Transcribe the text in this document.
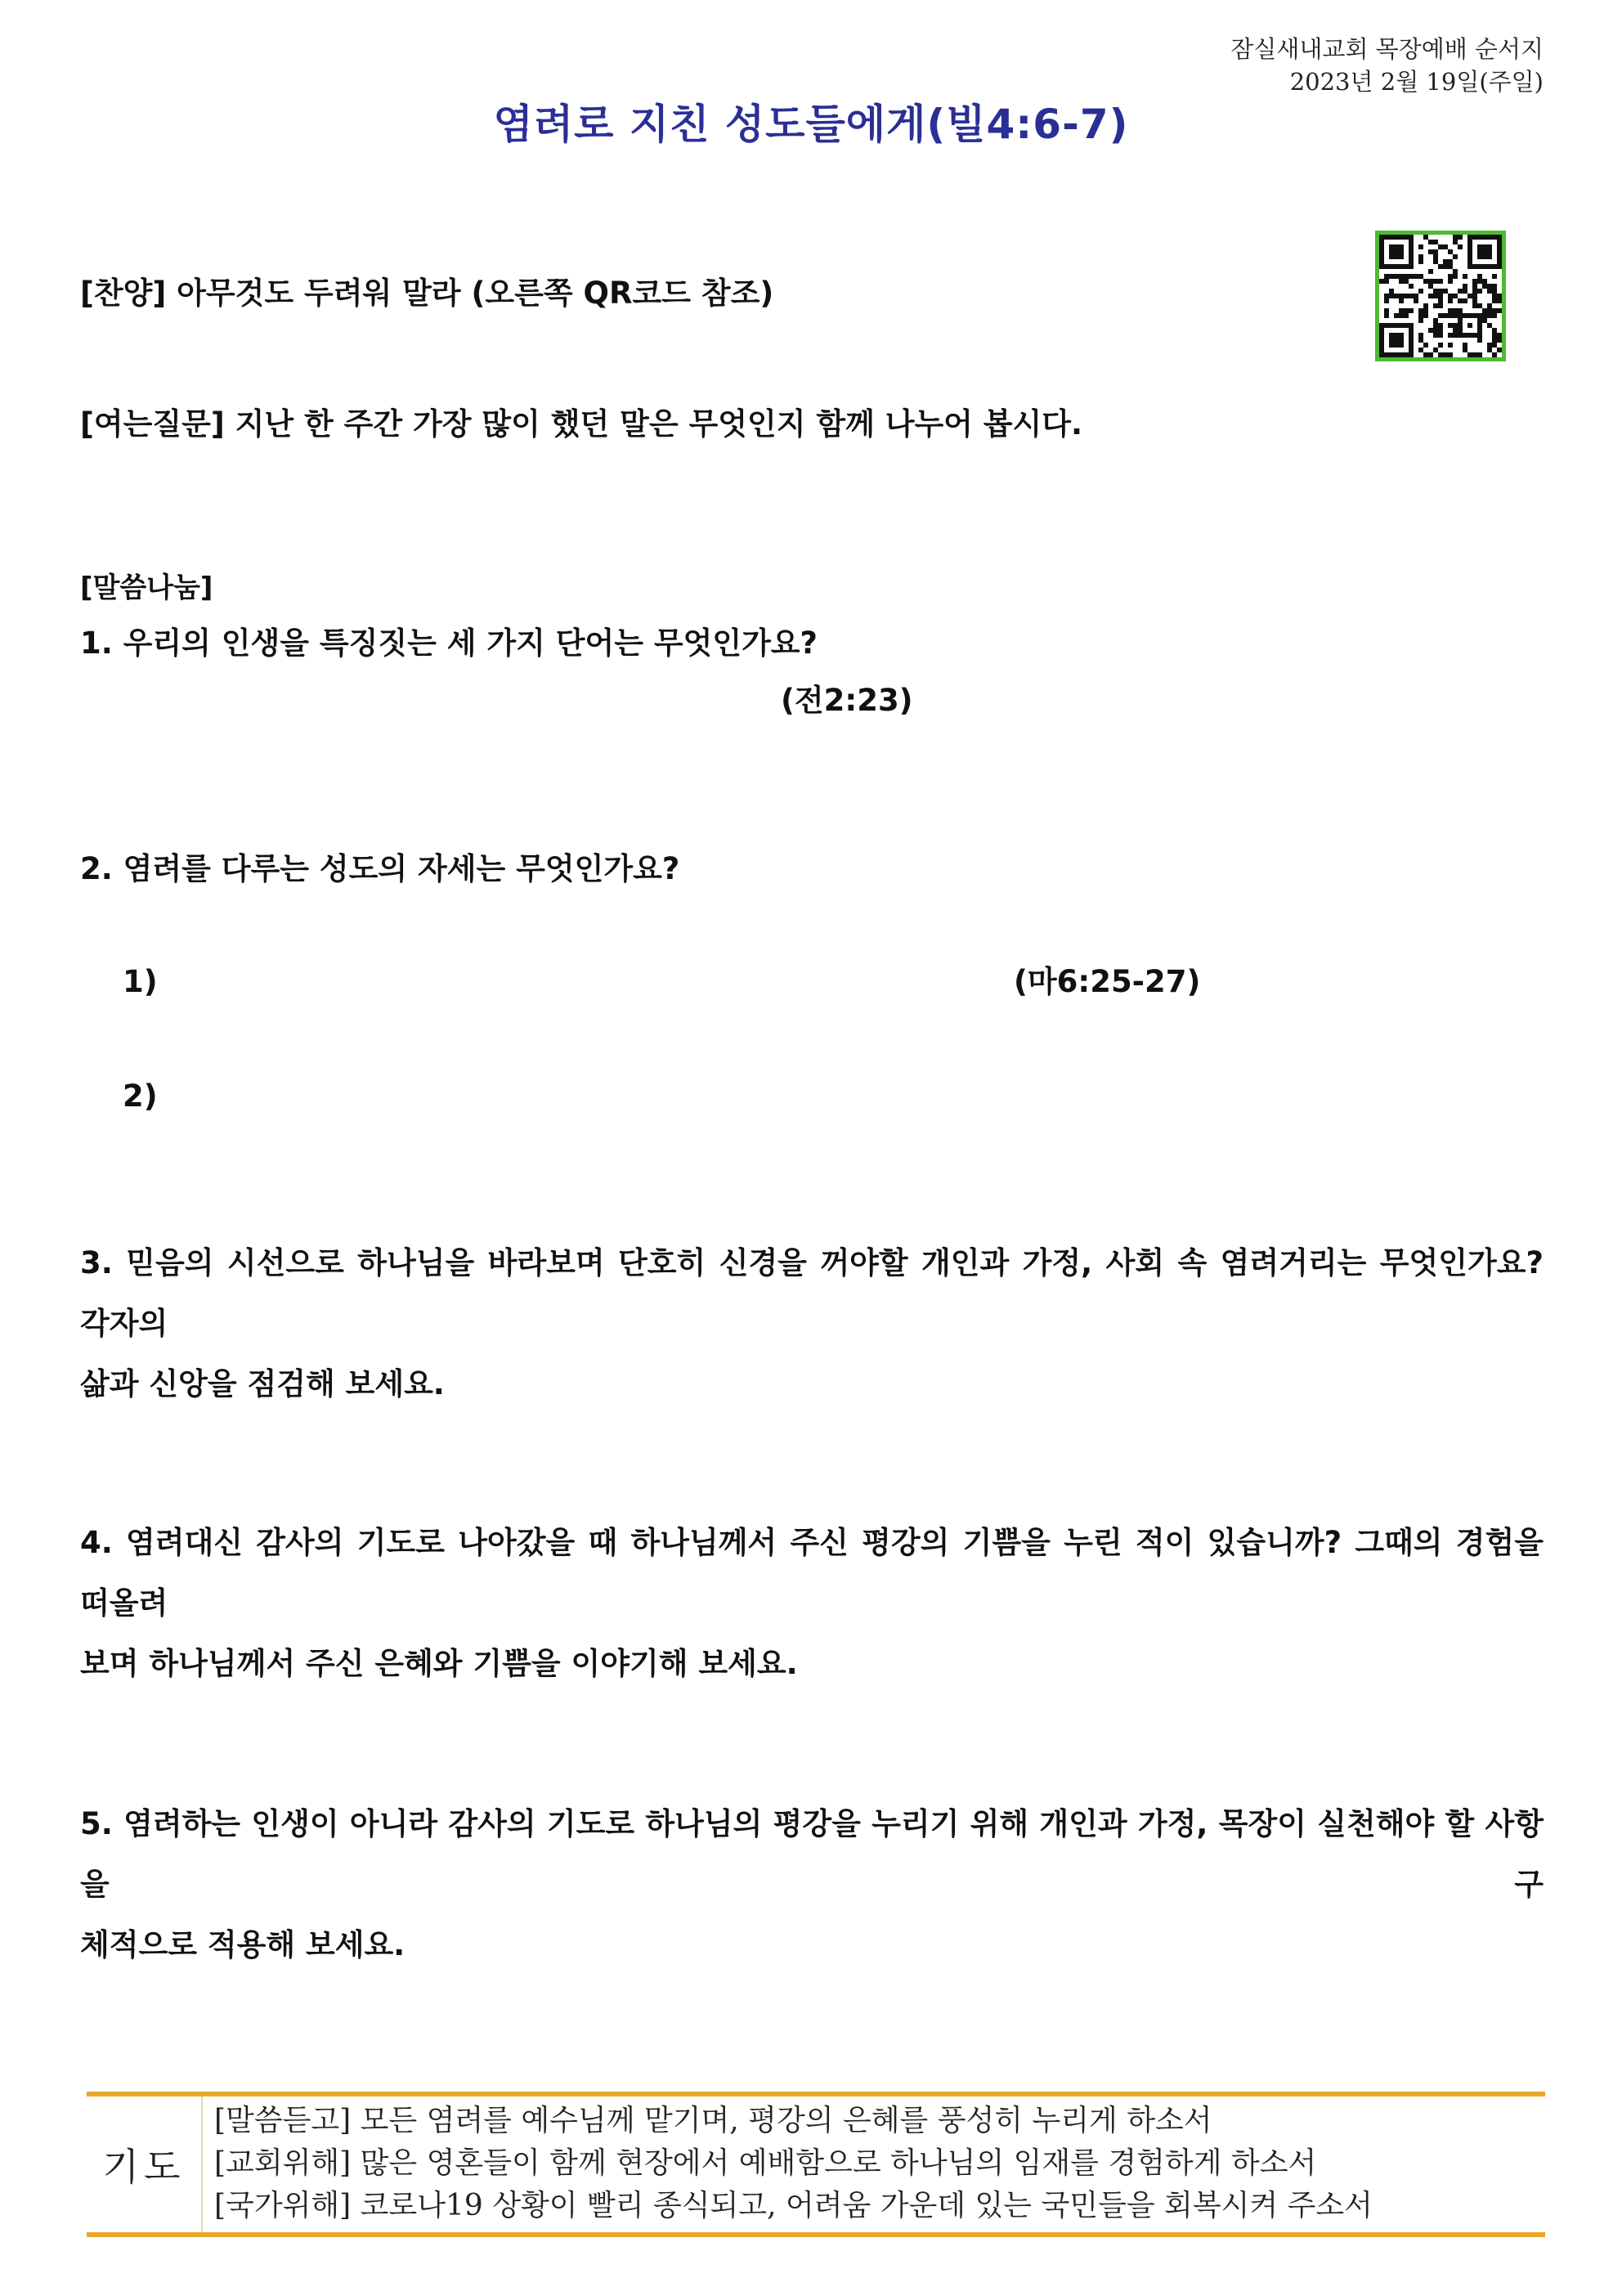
잠실새내교회 목장예배 순서지
2023년 2월 19일(주일)
염려로 지친 성도들에게(빌4:6-7)
[찬양] 아무것도 두려워 말라 (오른쪽 QR코드 참조)
[여는질문] 지난 한 주간 가장 많이 했던 말은 무엇인지 함께 나누어 봅시다.
[말씀나눔]
1. 우리의 인생을 특징짓는 세 가지 단어는 무엇인가요?
(전2:23)
2. 염려를 다루는 성도의 자세는 무엇인가요?
1)	(마6:25-27)
2)
3. 믿음의 시선으로 하나님을 바라보며 단호히 신경을 꺼야할 개인과 가정, 사회 속 염려거리는 무엇인가요? 각자의
삶과 신앙을 점검해 보세요.
4. 염려대신 감사의 기도로 나아갔을 때 하나님께서 주신 평강의 기쁨을 누린 적이 있습니까? 그때의 경험을 떠올려
보며 하나님께서 주신 은혜와 기쁨을 이야기해 보세요.
5. 염려하는 인생이 아니라 감사의 기도로 하나님의 평강을 누리기 위해 개인과 가정, 목장이 실천해야 할 사항을 구
체적으로 적용해 보세요.
기도
[말씀듣고] 모든 염려를 예수님께 맡기며, 평강의 은혜를 풍성히 누리게 하소서
[교회위해] 많은 영혼들이 함께 현장에서 예배함으로 하나님의 임재를 경험하게 하소서
[국가위해] 코로나19 상황이 빨리 종식되고, 어려움 가운데 있는 국민들을 회복시켜 주소서
